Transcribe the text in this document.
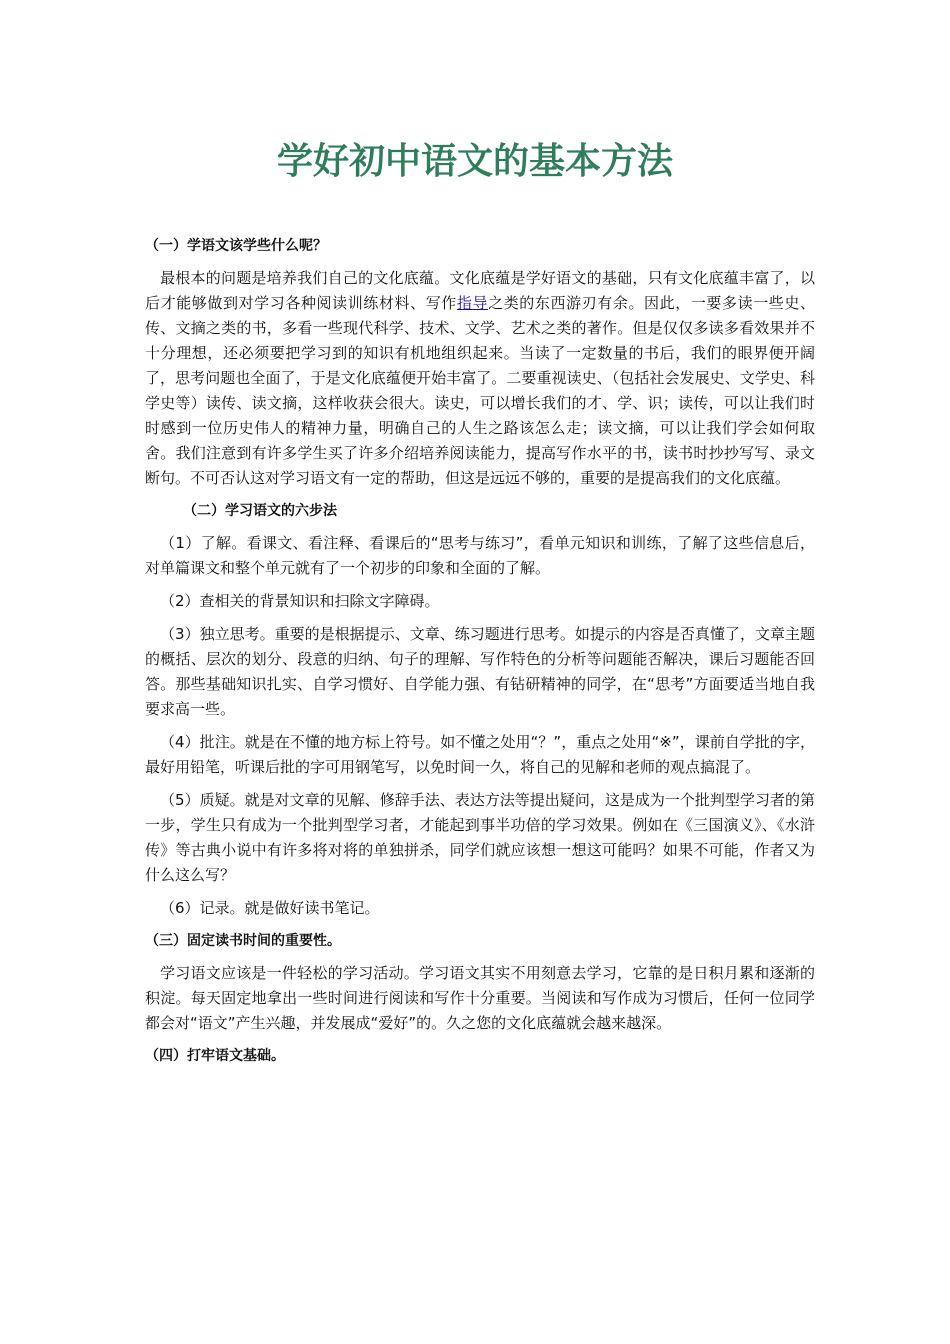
学好初中语文的基本方法
（一）学语文该学些什么呢？

最根本的问题是培养我们自己的文化底蕴。文化底蕴是学好语文的基础，只有文化底蕴丰富了，以后才能够做到对学习各种阅读训练材料、写作指导之类的东西游刃有余。因此，一要多读一些史、传、文摘之类的书，多看一些现代科学、技术、文学、艺术之类的著作。但是仅仅多读多看效果并不十分理想，还必须要把学习到的知识有机地组织起来。当读了一定数量的书后，我们的眼界便开阔了，思考问题也全面了，于是文化底蕴便开始丰富了。二要重视读史、（包括社会发展史、文学史、科学史等）读传、读文摘，这样收获会很大。读史，可以增长我们的才、学、识；读传，可以让我们时时感到一位历史伟人的精神力量，明确自己的人生之路该怎么走；读文摘，可以让我们学会如何取舍。我们注意到有许多学生买了许多介绍培养阅读能力，提高写作水平的书，读书时抄抄写写、录文断句。不可否认这对学习语文有一定的帮助，但这是远远不够的，重要的是提高我们的文化底蕴。

（二）学习语文的六步法

（1）了解。看课文、看注释、看课后的“思考与练习”，看单元知识和训练，了解了这些信息后，对单篇课文和整个单元就有了一个初步的印象和全面的了解。

（2）查相关的背景知识和扫除文字障碍。

（3）独立思考。重要的是根据提示、文章、练习题进行思考。如提示的内容是否真懂了，文章主题的概括、层次的划分、段意的归纳、句子的理解、写作特色的分析等问题能否解决，课后习题能否回答。那些基础知识扎实、自学习惯好、自学能力强、有钻研精神的同学，在“思考”方面要适当地自我要求高一些。

（4）批注。就是在不懂的地方标上符号。如不懂之处用“？”，重点之处用“※”，课前自学批的字，最好用铅笔，听课后批的字可用钢笔写，以免时间一久，将自己的见解和老师的观点搞混了。

（5）质疑。就是对文章的见解、修辞手法、表达方法等提出疑问，这是成为一个批判型学习者的第一步，学生只有成为一个批判型学习者，才能起到事半功倍的学习效果。例如在《三国演义》、《水浒传》等古典小说中有许多将对将的单独拼杀，同学们就应该想一想这可能吗？如果不可能，作者又为什么这么写？

（6）记录。就是做好读书笔记。

（三）固定读书时间的重要性。

学习语文应该是一件轻松的学习活动。学习语文其实不用刻意去学习，它靠的是日积月累和逐渐的积淀。每天固定地拿出一些时间进行阅读和写作十分重要。当阅读和写作成为习惯后，任何一位同学都会对“语文”产生兴趣，并发展成“爱好”的。久之您的文化底蕴就会越来越深。

（四）打牢语文基础。
